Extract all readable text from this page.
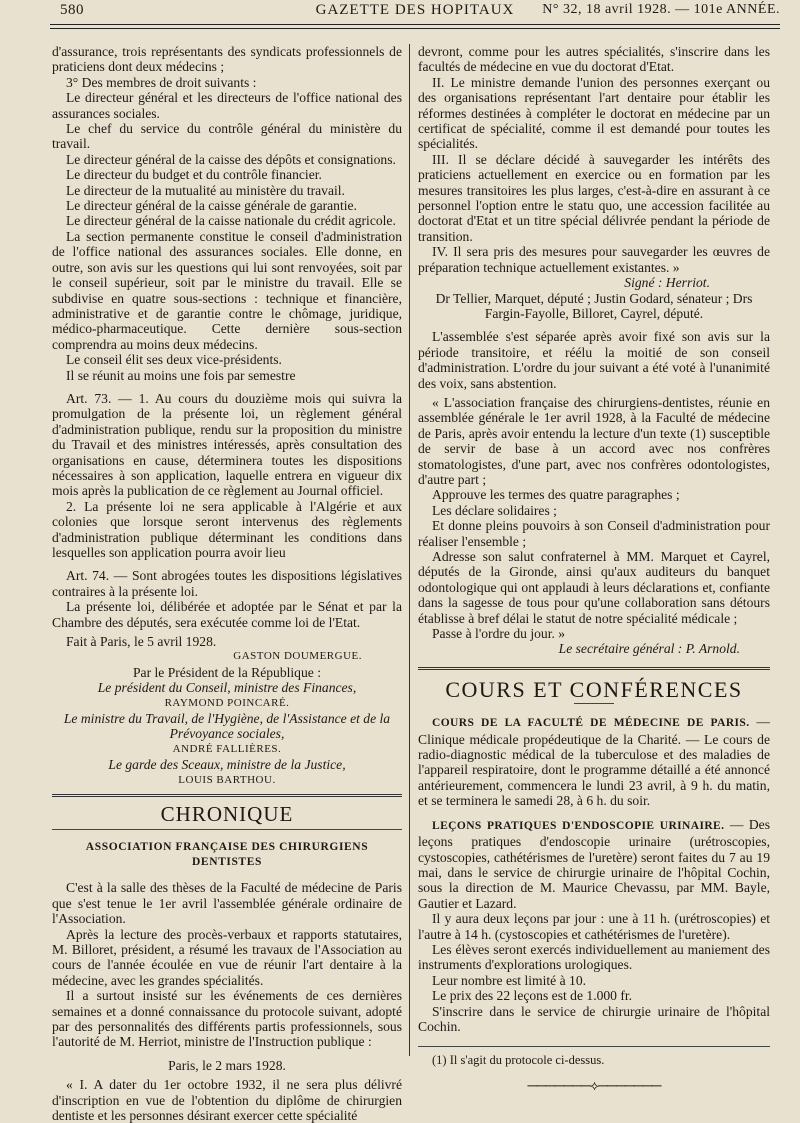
580	GAZETTE DES HOPITAUX	N° 32, 18 avril 1928. — 101e ANNÉE.

d'assurance, trois représentants des syndicats professionnels de praticiens dont deux médecins ;

3° Des membres de droit suivants :

Le directeur général et les directeurs de l'office national des assurances sociales.

Le chef du service du contrôle général du ministère du travail.

Le directeur général de la caisse des dépôts et consignations.

Le directeur du budget et du contrôle financier.

Le directeur de la mutualité au ministère du travail.

Le directeur général de la caisse générale de garantie.

Le directeur général de la caisse nationale du crédit agricole.

La section permanente constitue le conseil d'administration de l'office national des assurances sociales. Elle donne, en outre, son avis sur les questions qui lui sont renvoyées, soit par le conseil supérieur, soit par le ministre du travail. Elle se subdivise en quatre sous-sections : technique et financière, administrative et de garantie contre le chômage, juridique, médico-pharmaceutique. Cette dernière sous-section comprendra au moins deux médecins.

Le conseil élit ses deux vice-présidents.

Il se réunit au moins une fois par semestre

Art. 73. — 1. Au cours du douzième mois qui suivra la promulgation de la présente loi, un règlement général d'administration publique, rendu sur la proposition du ministre du Travail et des ministres intéressés, après consultation des organisations en cause, déterminera toutes les dispositions nécessaires à son application, laquelle entrera en vigueur dix mois après la publication de ce règlement au Journal officiel.

2. La présente loi ne sera applicable à l'Algérie et aux colonies que lorsque seront intervenus des règlements d'administration publique déterminant les conditions dans lesquelles son application pourra avoir lieu

Art. 74. — Sont abrogées toutes les dispositions législatives contraires à la présente loi.

La présente loi, délibérée et adoptée par le Sénat et par la Chambre des députés, sera exécutée comme loi de l'Etat.

Fait à Paris, le 5 avril 1928.

GASTON DOUMERGUE.

Par le Président de la République :

Le président du Conseil, ministre des Finances,

RAYMOND POINCARÉ.

Le ministre du Travail, de l'Hygiène, de l'Assistance et de la Prévoyance sociales,

ANDRÉ FALLIÈRES.

Le garde des Sceaux, ministre de la Justice,

LOUIS BARTHOU.

CHRONIQUE
ASSOCIATION FRANÇAISE DES CHIRURGIENS DENTISTES

C'est à la salle des thèses de la Faculté de médecine de Paris que s'est tenue le 1er avril l'assemblée générale ordinaire de l'Association.

Après la lecture des procès-verbaux et rapports statutaires, M. Billoret, président, a résumé les travaux de l'Association au cours de l'année écoulée en vue de réunir l'art dentaire à la médecine, avec les grandes spécialités.

Il a surtout insisté sur les événements de ces dernières semaines et a donné connaissance du protocole suivant, adopté par des personnalités des différents partis professionnels, sous l'autorité de M. Herriot, ministre de l'Instruction publique :

Paris, le 2 mars 1928.

« I. A dater du 1er octobre 1932, il ne sera plus délivré d'inscription en vue de l'obtention du diplôme de chirurgien dentiste et les personnes désirant exercer cette spécialité

devront, comme pour les autres spécialités, s'inscrire dans les facultés de médecine en vue du doctorat d'Etat.

II. Le ministre demande l'union des personnes exerçant ou des organisations représentant l'art dentaire pour établir les réformes destinées à compléter le doctorat en médecine par un certificat de spécialité, comme il est demandé pour toutes les spécialités.

III. Il se déclare décidé à sauvegarder les intérêts des praticiens actuellement en exercice ou en formation par les mesures transitoires les plus larges, c'est-à-dire en assurant à ce personnel l'option entre le statu quo, une accession facilitée au doctorat d'Etat et un titre spécial délivrée pendant la période de transition.

IV. Il sera pris des mesures pour sauvegarder les œuvres de préparation technique actuellement existantes. »

Signé : Herriot.

Dr Tellier, Marquet, député ; Justin Godard, sénateur ; Drs Fargin-Fayolle, Billoret, Cayrel, député.

L'assemblée s'est séparée après avoir fixé son avis sur la période transitoire, et réélu la moitié de son conseil d'administration. L'ordre du jour suivant a été voté à l'unanimité des voix, sans abstention.

« L'association française des chirurgiens-dentistes, réunie en assemblée générale le 1er avril 1928, à la Faculté de médecine de Paris, après avoir entendu la lecture d'un texte (1) susceptible de servir de base à un accord avec nos confrères stomatologistes, d'une part, avec nos confrères odontologistes, d'autre part ;

Approuve les termes des quatre paragraphes ;

Les déclare solidaires ;

Et donne pleins pouvoirs à son Conseil d'administration pour réaliser l'ensemble ;

Adresse son salut confraternel à MM. Marquet et Cayrel, députés de la Gironde, ainsi qu'aux auditeurs du banquet odontologique qui ont applaudi à leurs déclarations et, confiante dans la sagesse de tous pour qu'une collaboration sans détours établisse à bref délai le statut de notre spécialité médicale ;

Passe à l'ordre du jour. »

Le secrétaire général : P. Arnold.

COURS ET CONFÉRENCES

COURS DE LA FACULTÉ DE MÉDECINE DE PARIS. — Clinique médicale propédeutique de la Charité. — Le cours de radio-diagnostic médical de la tuberculose et des maladies de l'appareil respiratoire, dont le programme détaillé a été annoncé antérieurement, commencera le lundi 23 avril, à 9 h. du matin, et se terminera le samedi 28, à 6 h. du soir.

LEÇONS PRATIQUES D'ENDOSCOPIE URINAIRE. — Des leçons pratiques d'endoscopie urinaire (urétroscopies, cystoscopies, cathétérismes de l'uretère) seront faites du 7 au 19 mai, dans le service de chirurgie urinaire de l'hôpital Cochin, sous la direction de M. Maurice Chevassu, par MM. Bayle, Gautier et Lazard.

Il y aura deux leçons par jour : une à 11 h. (urétroscopies) et l'autre à 14 h. (cystoscopies et cathétérismes de l'uretère).

Les élèves seront exercés individuellement au maniement des instruments d'explorations urologiques.

Leur nombre est limité à 10.

Le prix des 22 leçons est de 1.000 fr.

S'inscrire dans le service de chirurgie urinaire de l'hôpital Cochin.

(1) Il s'agit du protocole ci-dessus.

───────⟡───────
